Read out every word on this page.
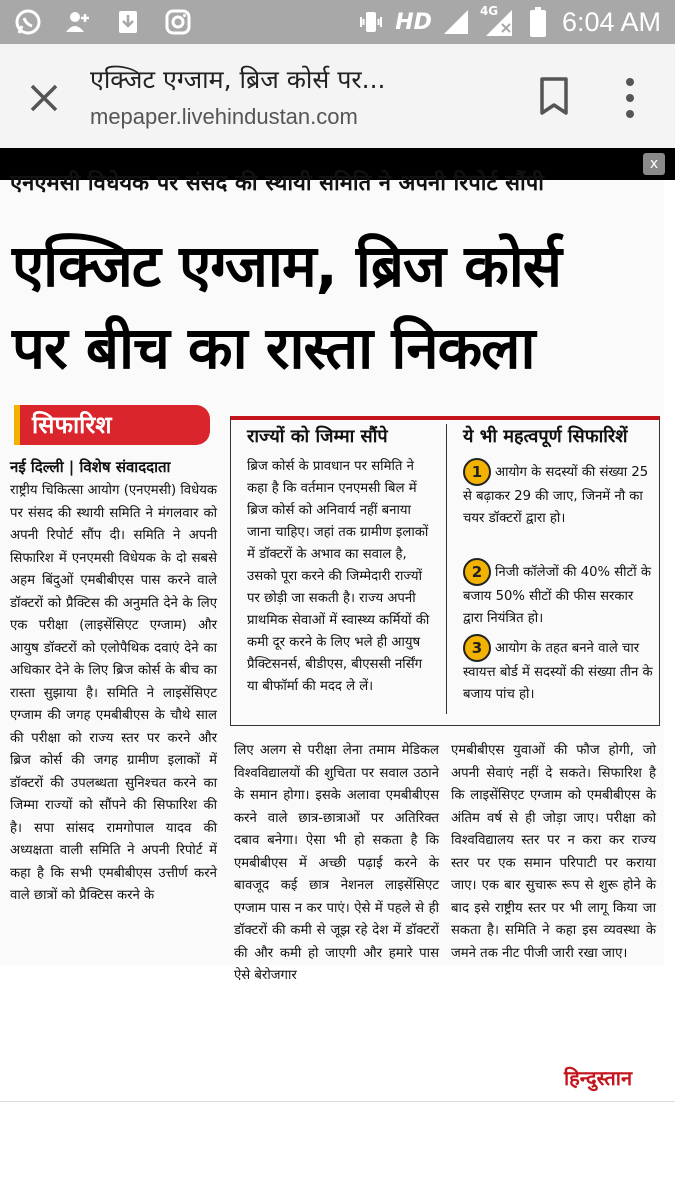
HD	4G 6:04 AM
एक्जिट एग्जाम, ब्रिज कोर्स पर...
mepaper.livehindustan.com
x
एनएमसी विधेयक पर संसद की स्थायी समिति ने अपनी रिपोर्ट सौंपी
एक्जिट एग्जाम, ब्रिज कोर्स
पर बीच का रास्ता निकला
सिफारिश
नई दिल्ली | विशेष संवाददाता
राष्ट्रीय चिकित्सा आयोग (एनएमसी) विधेयक पर संसद की स्थायी समिति ने मंगलवार को अपनी रिपोर्ट सौंप दी। समिति ने अपनी सिफारिश में एनएमसी विधेयक के दो सबसे अहम बिंदुओं एमबीबीएस पास करने वाले डॉक्टरों को प्रैक्टिस की अनुमति देने के लिए एक परीक्षा (लाइसेंसिएट एग्जाम) और आयुष डॉक्टरों को एलोपैथिक दवाएं देने का अधिकार देने के लिए ब्रिज कोर्स के बीच का रास्ता सुझाया है। समिति ने लाइसेंसिएट एग्जाम की जगह एमबीबीएस के चौथे साल की परीक्षा को राज्य स्तर पर करने और ब्रिज कोर्स की जगह ग्रामीण इलाकों में डॉक्टरों की उपलब्धता सुनिश्चत करने का जिम्मा राज्यों को सौंपने की सिफारिश की है। सपा सांसद रामगोपाल यादव की अध्यक्षता वाली समिति ने अपनी रिपोर्ट में कहा है कि सभी एमबीबीएस उत्तीर्ण करने वाले छात्रों को प्रैक्टिस करने के
राज्यों को जिम्मा सौंपे
ब्रिज कोर्स के प्रावधान पर समिति ने कहा है कि वर्तमान एनएमसी बिल में ब्रिज कोर्स को अनिवार्य नहीं बनाया जाना चाहिए। जहां तक ग्रामीण इलाकों में डॉक्टरों के अभाव का सवाल है, उसको पूरा करने की जिम्मेदारी राज्यों पर छोड़ी जा सकती है। राज्य अपनी प्राथमिक सेवाओं में स्वास्थ्य कर्मियों की कमी दूर करने के लिए भले ही आयुष प्रैक्टिसनर्स, बीडीएस, बीएससी नर्सिंग या बीफॉर्मा की मदद ले लें।
ये भी महत्वपूर्ण सिफारिशें
1 आयोग के सदस्यों की संख्या 25 से बढ़ाकर 29 की जाए, जिनमें नौ का चयर डॉक्टरों द्वारा हो।
2 निजी कॉलेजों की 40% सीटों के बजाय 50% सीटों की फीस सरकार द्वारा नियंत्रित हो।
3 आयोग के तहत बनने वाले चार स्वायत्त बोर्ड में सदस्यों की संख्या तीन के बजाय पांच हो।
लिए अलग से परीक्षा लेना तमाम मेडिकल विश्वविद्यालयों की शुचिता पर सवाल उठाने के समान होगा। इसके अलावा एमबीबीएस करने वाले छात्र-छात्राओं पर अतिरिक्त दबाव बनेगा। ऐसा भी हो सकता है कि एमबीबीएस में अच्छी पढ़ाई करने के बावजूद कई छात्र नेशनल लाइसेंसिएट एग्जाम पास न कर पाएं। ऐसे में पहले से ही डॉक्टरों की कमी से जूझ रहे देश में डॉक्टरों की और कमी हो जाएगी और हमारे पास ऐसे बेरोजगार
एमबीबीएस युवाओं की फौज होगी, जो अपनी सेवाएं नहीं दे सकते। सिफारिश है कि लाइसेंसिएट एग्जाम को एमबीबीएस के अंतिम वर्ष से ही जोड़ा जाए। परीक्षा को विश्वविद्यालय स्तर पर न करा कर राज्य स्तर पर एक समान परिपाटी पर कराया जाए। एक बार सुचारू रूप से शुरू होने के बाद इसे राष्ट्रीय स्तर पर भी लागू किया जा सकता है। समिति ने कहा इस व्यवस्था के जमने तक नीट पीजी जारी रखा जाए।
हिन्दुस्तान
